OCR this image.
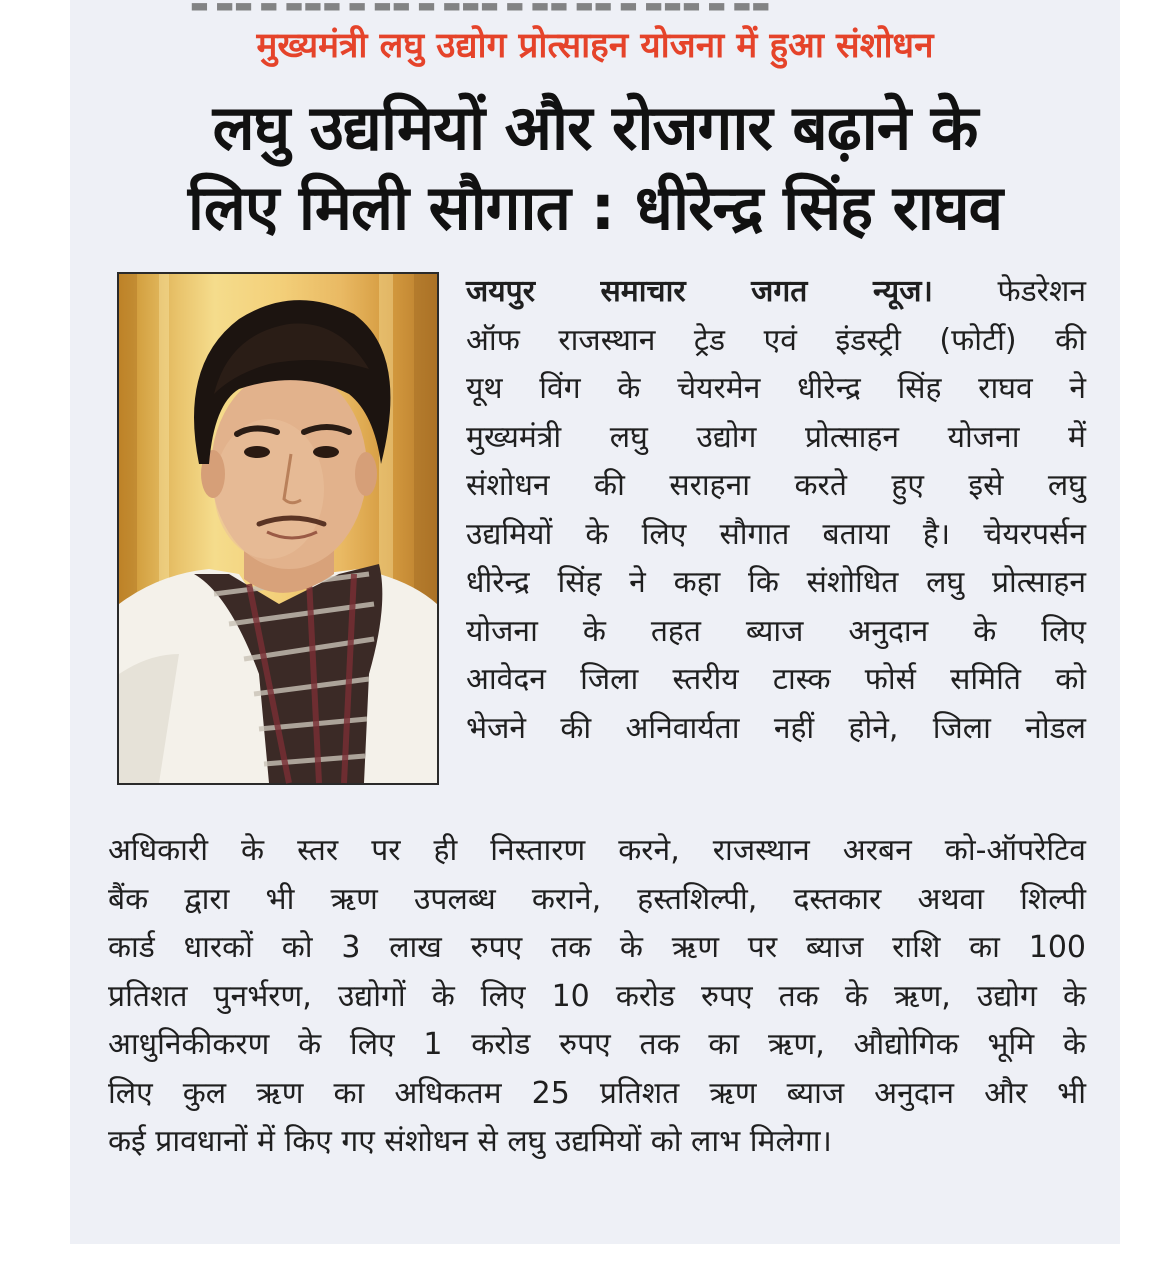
▬ ▬▬ ▬ ▬▬▬ ▬ ▬▬ ▬ ▬▬▬ ▬ ▬▬ ▬▬ ▬ ▬▬▬ ▬ ▬▬
मुख्यमंत्री लघु उद्योग प्रोत्साहन योजना में हुआ संशोधन
लघु उद्यमियों और रोजगार बढ़ाने के
लिए मिली सौगात : धीरेन्द्र सिंह राघव
जयपुर समाचार जगत न्यूज। फेडरेशन
ऑफ राजस्थान ट्रेड एवं इंडस्ट्री (फोर्टी) की
यूथ विंग के चेयरमेन धीरेन्द्र सिंह राघव ने
मुख्यमंत्री लघु उद्योग प्रोत्साहन योजना में
संशोधन की सराहना करते हुए इसे लघु
उद्यमियों के लिए सौगात बताया है। चेयरपर्सन
धीरेन्द्र सिंह ने कहा कि संशोधित लघु प्रोत्साहन
योजना के तहत ब्याज अनुदान के लिए
आवेदन जिला स्तरीय टास्क फोर्स समिति को
भेजने की अनिवार्यता नहीं होने, जिला नोडल
अधिकारी के स्तर पर ही निस्तारण करने, राजस्थान अरबन को-ऑपरेटिव
बैंक द्वारा भी ऋण उपलब्ध कराने, हस्तशिल्पी, दस्तकार अथवा शिल्पी
कार्ड धारकों को 3 लाख रुपए तक के ऋण पर ब्याज राशि का 100
प्रतिशत पुनर्भरण, उद्योगों के लिए 10 करोड रुपए तक के ऋण, उद्योग के
आधुनिकीकरण के लिए 1 करोड रुपए तक का ऋण, औद्योगिक भूमि के
लिए कुल ऋण का अधिकतम 25 प्रतिशत ऋण ब्याज अनुदान और भी
कई प्रावधानों में किए गए संशोधन से लघु उद्यमियों को लाभ मिलेगा।
